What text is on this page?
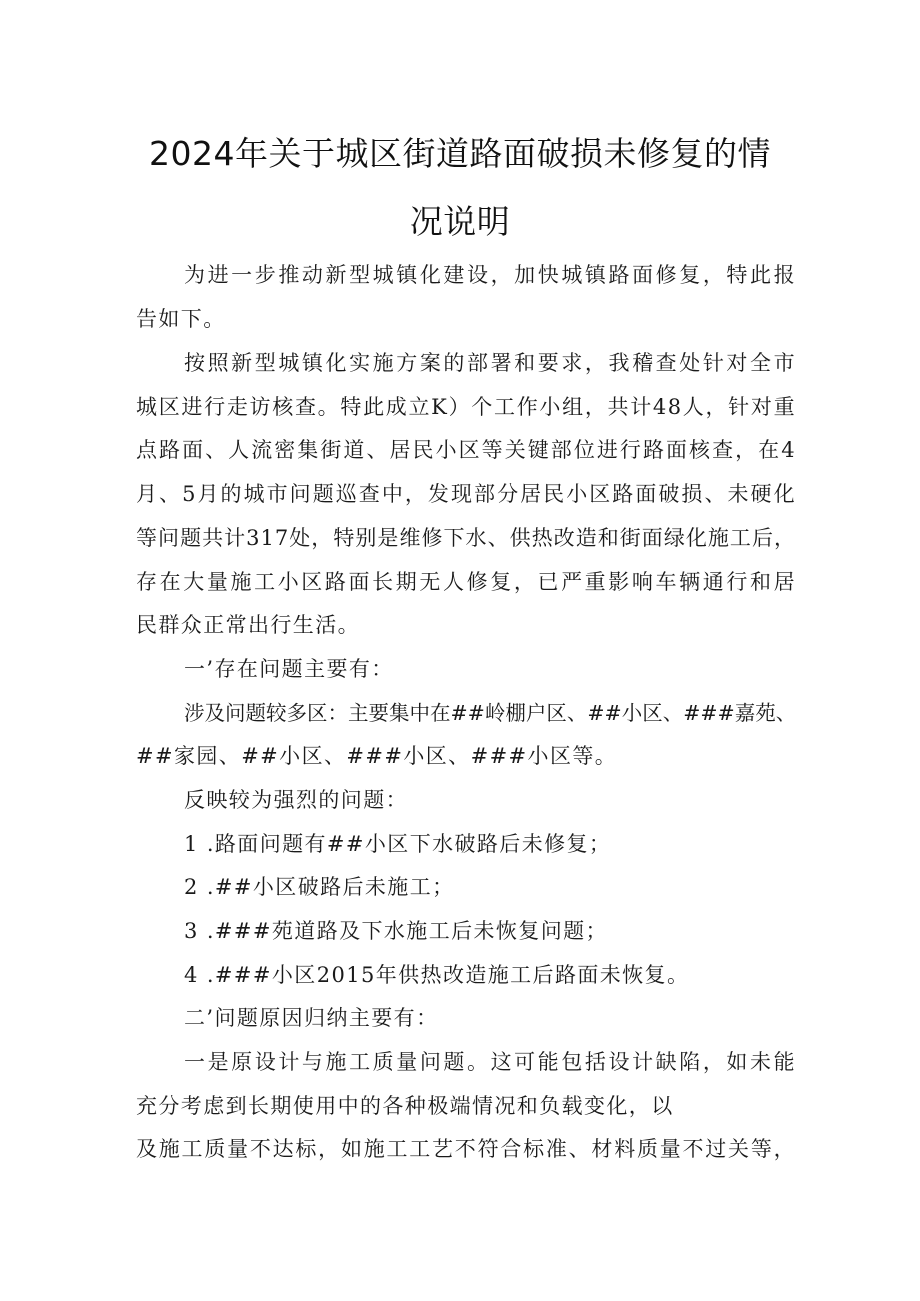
2024年关于城区街道路面破损未修复的情
况说明
为进一步推动新型城镇化建设，加快城镇路面修复，特此报
告如下。
按照新型城镇化实施方案的部署和要求，我稽查处针对全市
城区进行走访核查。特此成立K）个工作小组，共计48人，针对重
点路面、人流密集街道、居民小区等关键部位进行路面核查，在4
月、5月的城市问题巡查中，发现部分居民小区路面破损、未硬化
等问题共计317处，特别是维修下水、供热改造和街面绿化施工后，
存在大量施工小区路面长期无人修复，已严重影响车辆通行和居
民群众正常出行生活。
一’存在问题主要有：
涉及问题较多区：主要集中在##岭棚户区、##小区、###嘉苑、
##家园、##小区、###小区、###小区等。
反映较为强烈的问题：
1 .路面问题有##小区下水破路后未修复；
2 .##小区破路后未施工；
3 .###苑道路及下水施工后未恢复问题；
4 .###小区2015年供热改造施工后路面未恢复。
二’问题原因归纳主要有：
一是原设计与施工质量问题。这可能包括设计缺陷，如未能
充分考虑到长期使用中的各种极端情况和负载变化，以
及施工质量不达标，如施工工艺不符合标准、材料质量不过关等，
